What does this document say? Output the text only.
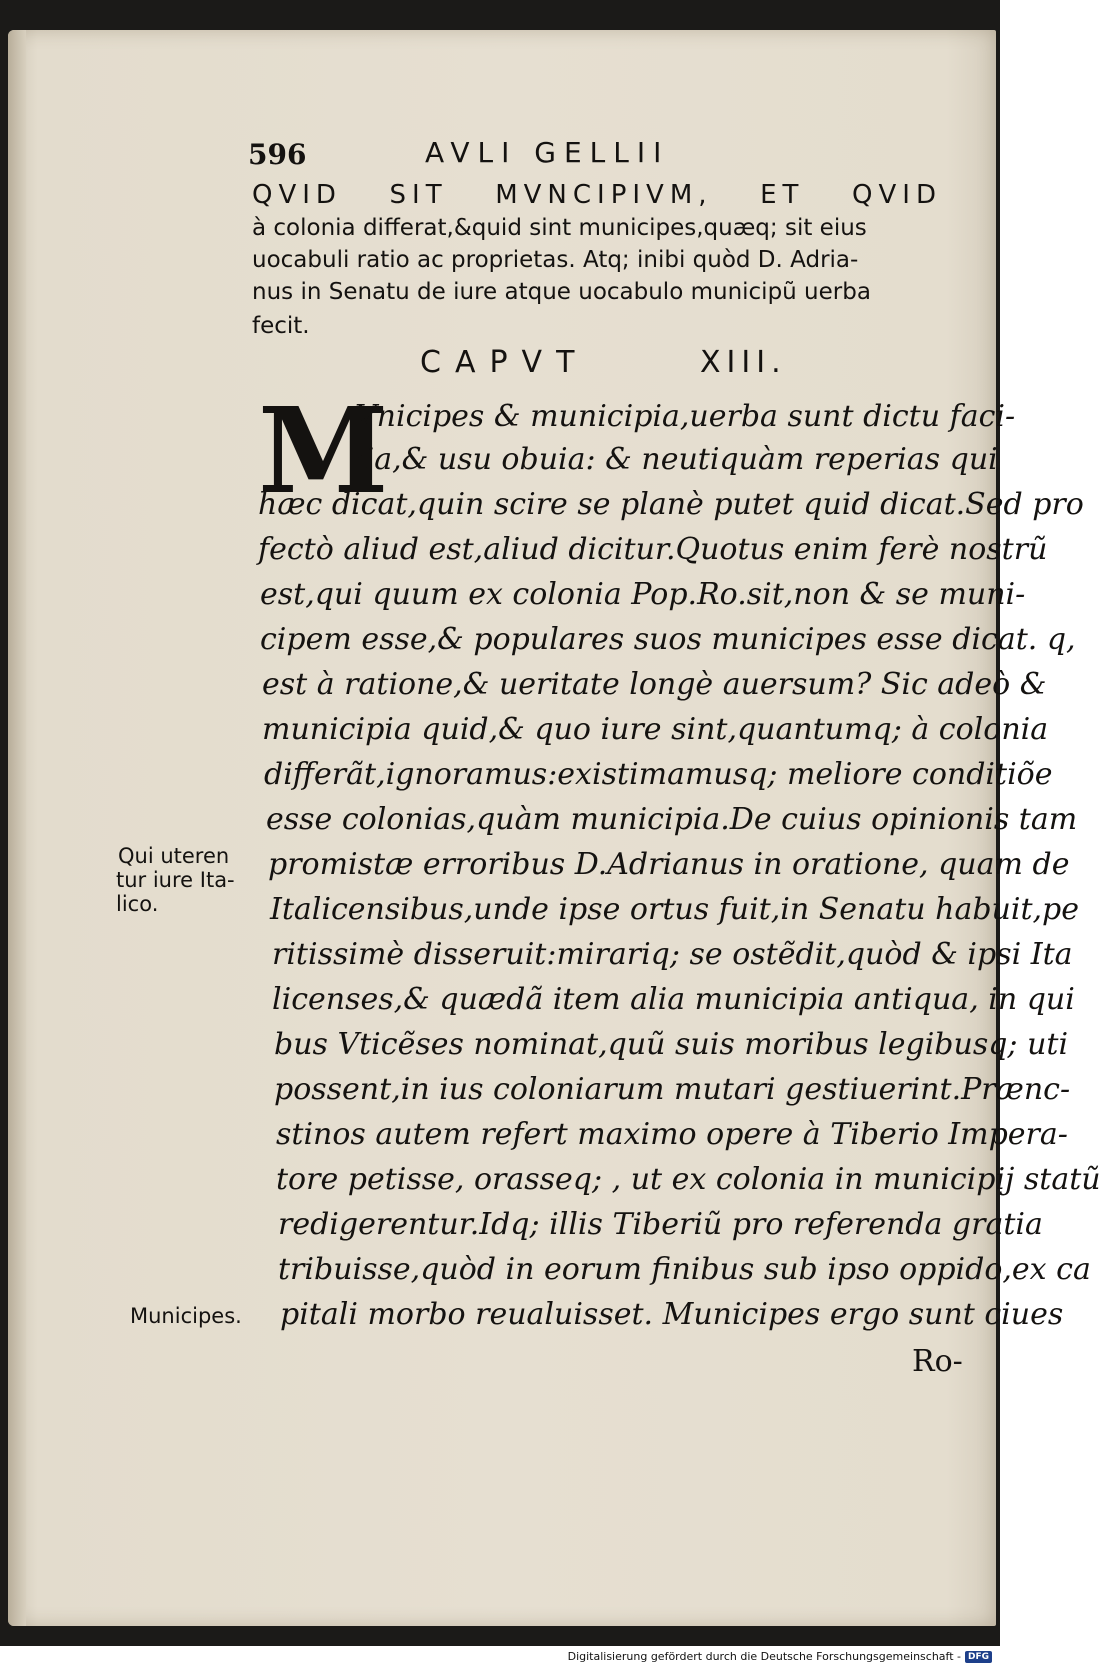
596	AVLI GELLII
QVID SIT MVNCIPIVM, ET QVID
à colonia differat,&quid sint municipes,quæq; sit eius
uocabuli ratio ac proprietas. Atq; inibi quòd D. Adria-
nus in Senatu de iure atque uocabulo municipũ uerba
fecit.
CAPVT	XIII.
M
Vnicipes & municipia,uerba sunt dictu faci-
lia,& usu obuia: & neutiquàm reperias qui
hæc dicat,quin scire se planè putet quid dicat.Sed pro
fectò aliud est,aliud dicitur.Quotus enim ferè nostrũ
est,qui quum ex colonia Pop.Ro.sit,non & se muni-
cipem esse,& populares suos municipes esse dicat. q,
est à ratione,& ueritate longè auersum? Sic adeò &
municipia quid,& quo iure sint,quantumq; à colonia
differãt,ignoramus:existimamusq; meliore conditiõe
esse colonias,quàm municipia.De cuius opinionis tam
promistæ erroribus D.Adrianus in oratione, quam de
Italicensibus,unde ipse ortus fuit,in Senatu habuit,pe
ritissimè disseruit:mirariq; se ostẽdit,quòd & ipsi Ita
licenses,& quædã item alia municipia antiqua, in qui
bus Vticẽses nominat,quũ suis moribus legibusq; uti
possent,in ius coloniarum mutari gestiuerint.Prænc-
stinos autem refert maximo opere à Tiberio Impera-
tore petisse, orasseq; , ut ex colonia in municipij statũ
redigerentur.Idq; illis Tiberiũ pro referenda gratia
tribuisse,quòd in eorum finibus sub ipso oppido,ex ca
pitali morbo reualuisset. Municipes ergo sunt ciues
Ro-
Qui uteren
tur iure Ita-
lico.
Municipes.
Digitalisierung gefördert durch die Deutsche Forschungsgemeinschaft - DFG
